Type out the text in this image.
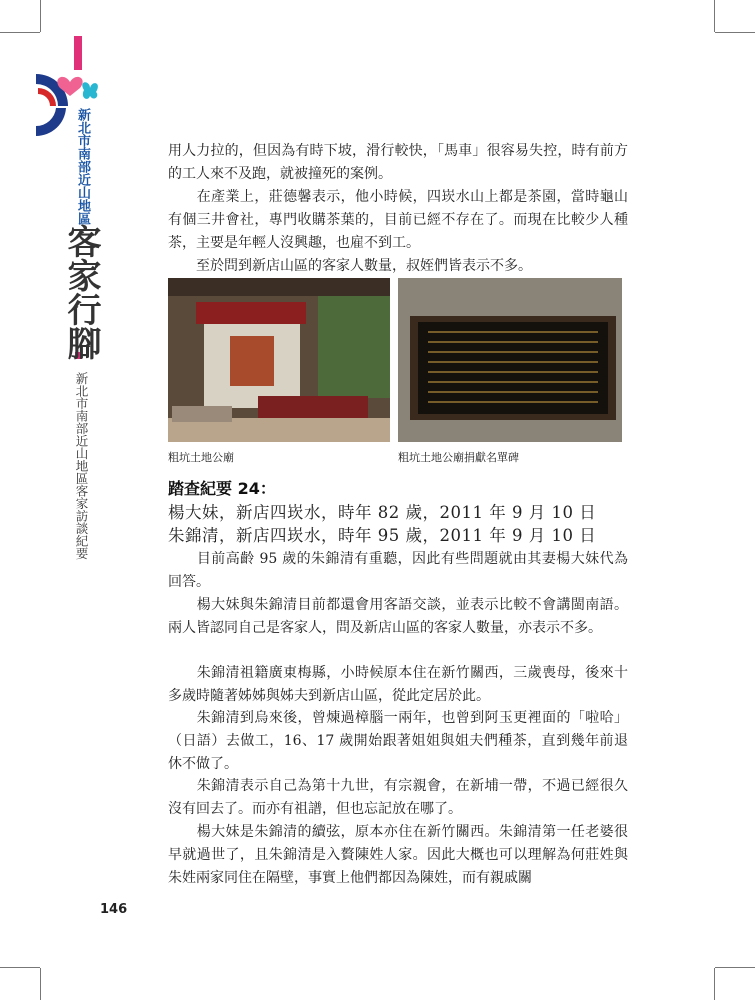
新北市南部近山地區
客家行腳
新北市南部近山地區客家訪談紀要

用人力拉的，但因為有時下坡，滑行較快，「馬車」很容易失控，時有前方的工人來不及跑，就被撞死的案例。

　　在產業上，莊德馨表示，他小時候，四崁水山上都是茶園，當時龜山有個三井會社，專門收購茶葉的，目前已經不存在了。而現在比較少人種茶，主要是年輕人沒興趣，也雇不到工。

　　至於問到新店山區的客家人數量，叔姪們皆表示不多。

粗坑土地公廟	粗坑土地公廟捐獻名單碑
踏查紀要 24：
楊大妹，新店四崁水，時年 82 歲，2011 年 9 月 10 日
朱錦清，新店四崁水，時年 95 歲，2011 年 9 月 10 日

　　目前高齡 95 歲的朱錦清有重聽，因此有些問題就由其妻楊大妹代為回答。

　　楊大妹與朱錦清目前都還會用客語交談，並表示比較不會講閩南語。兩人皆認同自己是客家人，問及新店山區的客家人數量，亦表示不多。

　　朱錦清祖籍廣東梅縣，小時候原本住在新竹關西，三歲喪母，後來十多歲時隨著姊姊與姊夫到新店山區，從此定居於此。

　　朱錦清到烏來後，曾煉過樟腦一兩年，也曾到阿玉更裡面的「啦哈」（日語）去做工，16、17 歲開始跟著姐姐與姐夫們種茶，直到幾年前退休不做了。

　　朱錦清表示自己為第十九世，有宗親會，在新埔一帶，不過已經很久沒有回去了。而亦有祖譜，但也忘記放在哪了。

　　楊大妹是朱錦清的續弦，原本亦住在新竹關西。朱錦清第一任老婆很早就過世了，且朱錦清是入贅陳姓人家。因此大概也可以理解為何莊姓與朱姓兩家同住在隔壁，事實上他們都因為陳姓，而有親戚關

146
